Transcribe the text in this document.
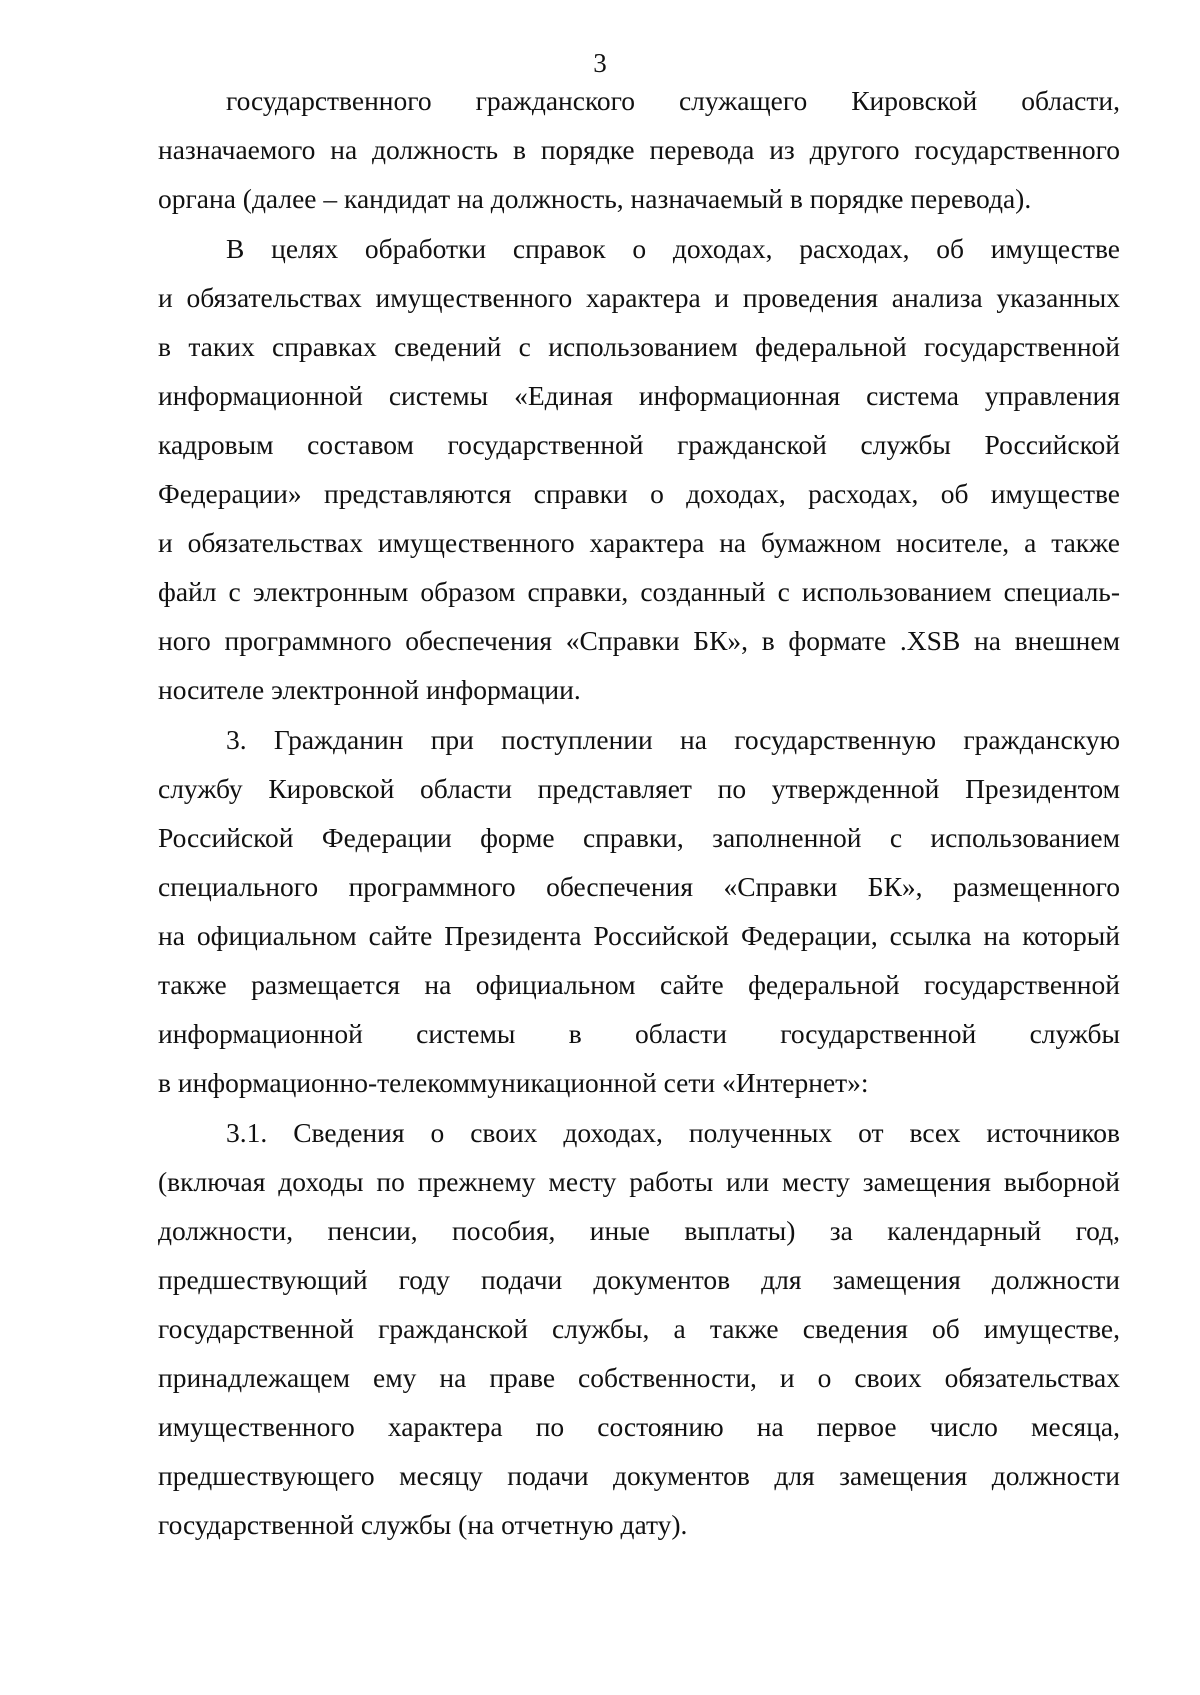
3
государственного гражданского служащего Кировской области,
назначаемого на должность в порядке перевода из другого государственного
органа (далее – кандидат на должность, назначаемый в порядке перевода).
В целях обработки справок о доходах, расходах, об имуществе
и обязательствах имущественного характера и проведения анализа указанных
в таких справках сведений с использованием федеральной государственной
информационной системы «Единая информационная система управления
кадровым составом государственной гражданской службы Российской
Федерации» представляются справки о доходах, расходах, об имуществе
и обязательствах имущественного характера на бумажном носителе, а также
файл с электронным образом справки, созданный с использованием специаль-
ного программного обеспечения «Справки БК», в формате .XSB на внешнем
носителе электронной информации.
3. Гражданин при поступлении на государственную гражданскую
службу Кировской области представляет по утвержденной Президентом
Российской Федерации форме справки, заполненной с использованием
специального программного обеспечения «Справки БК», размещенного
на официальном сайте Президента Российской Федерации, ссылка на который
также размещается на официальном сайте федеральной государственной
информационной системы в области государственной службы
в информационно-телекоммуникационной сети «Интернет»:
3.1. Сведения о своих доходах, полученных от всех источников
(включая доходы по прежнему месту работы или месту замещения выборной
должности, пенсии, пособия, иные выплаты) за календарный год,
предшествующий году подачи документов для замещения должности
государственной гражданской службы, а также сведения об имуществе,
принадлежащем ему на праве собственности, и о своих обязательствах
имущественного характера по состоянию на первое число месяца,
предшествующего месяцу подачи документов для замещения должности
государственной службы (на отчетную дату).
